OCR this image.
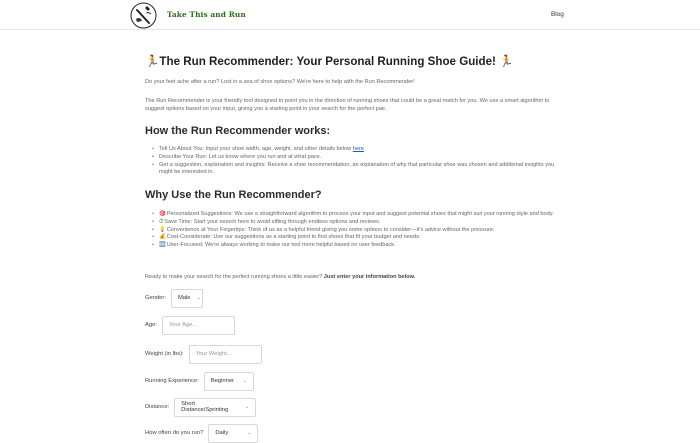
Take This and Run	Blog
🏃The Run Recommender: Your Personal Running Shoe Guide! 🏃

Do your feet ache after a run? Lost in a sea of shoe options? We're here to help with the Run Recommender!

The Run Recommender is your friendly tool designed to point you in the direction of running shoes that could be a great match for you. We use a smart algorithm to suggest options based on your input, giving you a starting point in your search for the perfect pair.

How the Run Recommender works:
• Tell Us About You: Input your shoe width, age, weight, and other details below here
• Describe Your Run: Let us know where you run and at what pace.
• Get a suggestion, explanation and insights: Receive a shoe recommendation, an explanation of why that particular shoe was chosen and additional insights you might be interested in.
Why Use the Run Recommender?
• 🎯Personalized Suggestions: We use a straightforward algorithm to process your input and suggest potential shoes that might suit your running style and body.
• ⏱Save Time: Start your search here to avoid sifting through endless options and reviews.
• 💡Convenience at Your Fingertips: Think of us as a helpful friend giving you some options to consider—it's advice without the pressure.
• 💰Cost-Considerate: Use our suggestions as a starting point to find shoes that fit your budget and needs.
• 🆗User-Focused: We're always working to make our tool more helpful based on user feedback.

Ready to make your search for the perfect running shoes a little easier? Just enter your information below.

Gender: Male	⌄
Age:	Your Age...
Weight (in lbs):	Your Weight...
Running Experience: Beginner	⌄
Distance: Short Distance/Sprinting	⌄
How often do you run? Daily	⌄
